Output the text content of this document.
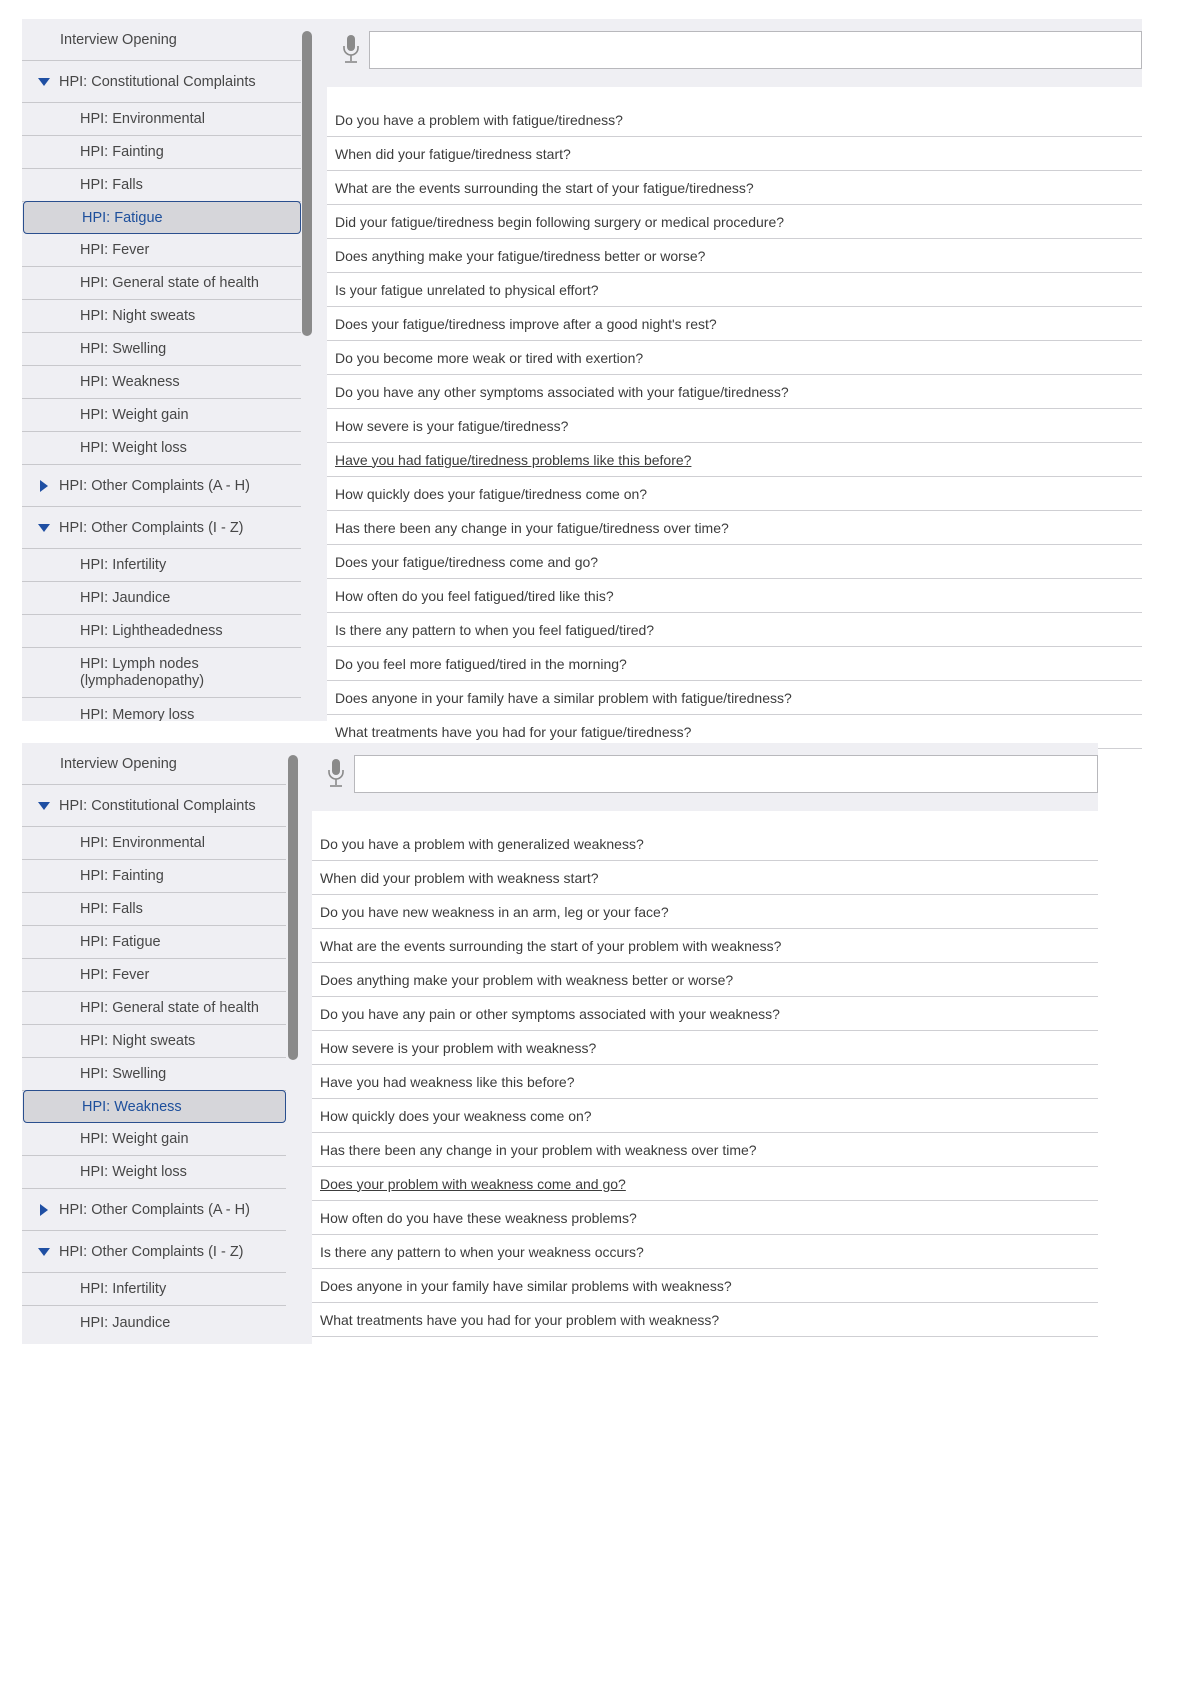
Interview Opening
HPI: Constitutional Complaints
HPI: Environmental
HPI: Fainting
HPI: Falls
HPI: Fatigue
HPI: Fever
HPI: General state of health
HPI: Night sweats
HPI: Swelling
HPI: Weakness
HPI: Weight gain
HPI: Weight loss
HPI: Other Complaints (A - H)
HPI: Other Complaints (I - Z)
HPI: Infertility
HPI: Jaundice
HPI: Lightheadedness
HPI: Lymph nodes (lymphadenopathy)
HPI: Memory loss
Do you have a problem with fatigue/tiredness?
When did your fatigue/tiredness start?
What are the events surrounding the start of your fatigue/tiredness?
Did your fatigue/tiredness begin following surgery or medical procedure?
Does anything make your fatigue/tiredness better or worse?
Is your fatigue unrelated to physical effort?
Does your fatigue/tiredness improve after a good night's rest?
Do you become more weak or tired with exertion?
Do you have any other symptoms associated with your fatigue/tiredness?
How severe is your fatigue/tiredness?
Have you had fatigue/tiredness problems like this before?
How quickly does your fatigue/tiredness come on?
Has there been any change in your fatigue/tiredness over time?
Does your fatigue/tiredness come and go?
How often do you feel fatigued/tired like this?
Is there any pattern to when you feel fatigued/tired?
Do you feel more fatigued/tired in the morning?
Does anyone in your family have a similar problem with fatigue/tiredness?
What treatments have you had for your fatigue/tiredness?
Interview Opening
HPI: Constitutional Complaints
HPI: Environmental
HPI: Fainting
HPI: Falls
HPI: Fatigue
HPI: Fever
HPI: General state of health
HPI: Night sweats
HPI: Swelling
HPI: Weakness
HPI: Weight gain
HPI: Weight loss
HPI: Other Complaints (A - H)
HPI: Other Complaints (I - Z)
HPI: Infertility
HPI: Jaundice
Do you have a problem with generalized weakness?
When did your problem with weakness start?
Do you have new weakness in an arm, leg or your face?
What are the events surrounding the start of your problem with weakness?
Does anything make your problem with weakness better or worse?
Do you have any pain or other symptoms associated with your weakness?
How severe is your problem with weakness?
Have you had weakness like this before?
How quickly does your weakness come on?
Has there been any change in your problem with weakness over time?
Does your problem with weakness come and go?
How often do you have these weakness problems?
Is there any pattern to when your weakness occurs?
Does anyone in your family have similar problems with weakness?
What treatments have you had for your problem with weakness?
